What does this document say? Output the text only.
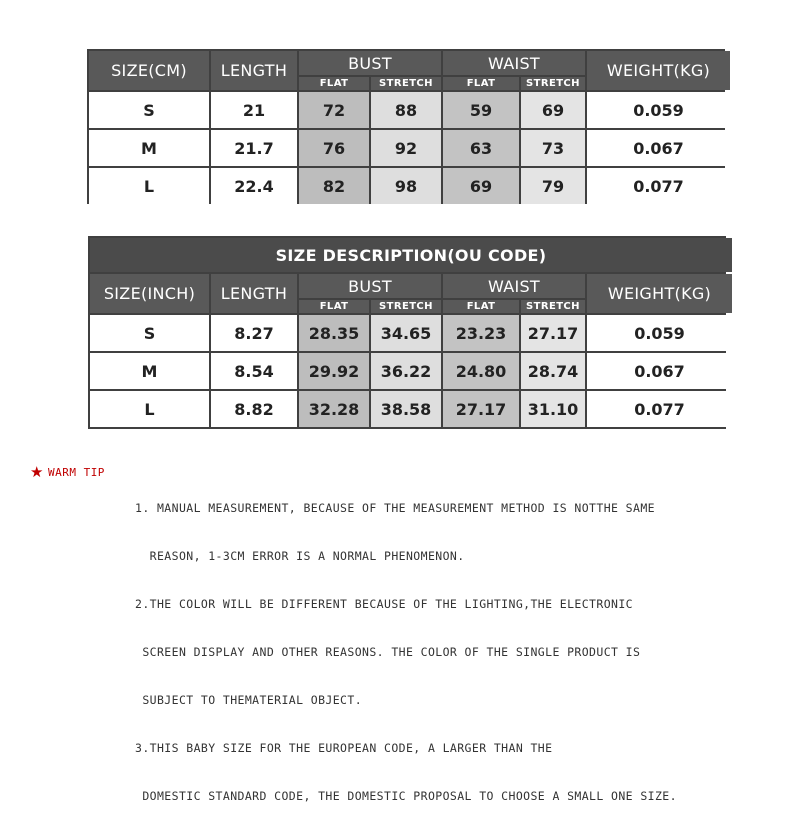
SIZE(CM)	LENGTH	BUST	WAIST	WEIGHT(KG)
FLAT	STRETCH	FLAT	STRETCH
S	21	72	88	59	69	0.059
M	21.7	76	92	63	73	0.067
L	22.4	82	98	69	79	0.077
SIZE DESCRIPTION(OU CODE)
SIZE(INCH)	LENGTH	BUST	WAIST	WEIGHT(KG)
FLAT	STRETCH	FLAT	STRETCH
S	8.27	28.35	34.65	23.23	27.17	0.059
M	8.54	29.92	36.22	24.80	28.74	0.067
L	8.82	32.28	38.58	27.17	31.10	0.077
★ WARM TIP

1. MANUAL MEASUREMENT, BECAUSE OF THE MEASUREMENT METHOD IS NOTTHE SAME

REASON, 1-3CM ERROR IS A NORMAL PHENOMENON.

2.THE COLOR WILL BE DIFFERENT BECAUSE OF THE LIGHTING,THE ELECTRONIC

SCREEN DISPLAY AND OTHER REASONS. THE COLOR OF THE SINGLE PRODUCT IS

SUBJECT TO THEMATERIAL OBJECT.

3.THIS BABY SIZE FOR THE EUROPEAN CODE, A LARGER THAN THE

DOMESTIC STANDARD CODE, THE DOMESTIC PROPOSAL TO CHOOSE A SMALL ONE SIZE.
